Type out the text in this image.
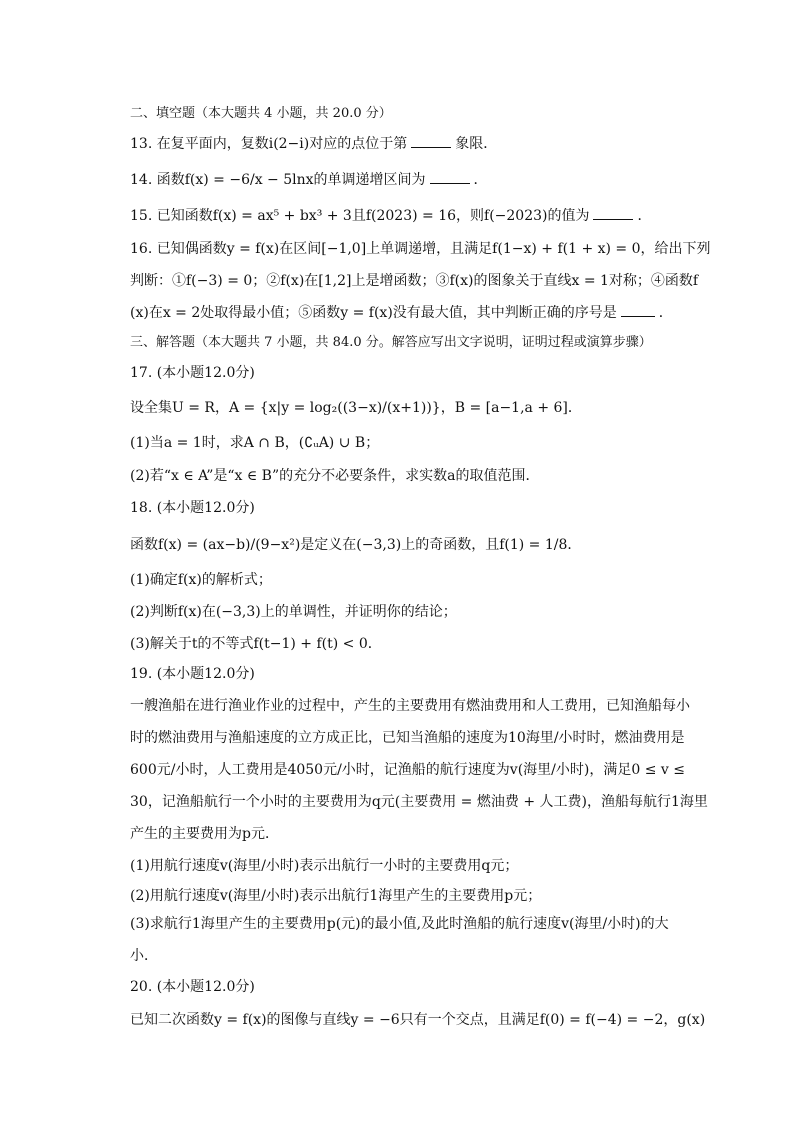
二、填空题（本大题共 4 小题，共 20.0 分）
13. 在复平面内，复数i(2−i)对应的点位于第	象限．
14. 函数f(x) = −6/x − 5lnx的单调递增区间为	．
15. 已知函数f(x) = ax⁵ + bx³ + 3且f(2023) = 16，则f(−2023)的值为	．
16. 已知偶函数y = f(x)在区间[−1,0]上单调递增，且满足f(1−x) + f(1 + x) = 0，给出下列
判断：①f(−3) = 0；②f(x)在[1,2]上是增函数；③f(x)的图象关于直线x = 1对称；④函数f
(x)在x = 2处取得最小值；⑤函数y = f(x)没有最大值，其中判断正确的序号是	．
三、解答题（本大题共 7 小题，共 84.0 分。解答应写出文字说明，证明过程或演算步骤）
17. (本小题12.0分)
设全集U = R，A = {x|y = log₂((3−x)/(x+1))}，B = [a−1,a + 6]．
(1)当a = 1时，求A ∩ B，(∁ᵤA) ∪ B；
(2)若“x ∈ A”是“x ∈ B”的充分不必要条件，求实数a的取值范围．
18. (本小题12.0分)
函数f(x) = (ax−b)/(9−x²)是定义在(−3,3)上的奇函数，且f(1) = 1/8．
(1)确定f(x)的解析式；
(2)判断f(x)在(−3,3)上的单调性，并证明你的结论；
(3)解关于t的不等式f(t−1) + f(t) < 0．
19. (本小题12.0分)
一艘渔船在进行渔业作业的过程中，产生的主要费用有燃油费用和人工费用，已知渔船每小
时的燃油费用与渔船速度的立方成正比，已知当渔船的速度为10海里/小时时，燃油费用是
600元/小时，人工费用是4050元/小时，记渔船的航行速度为v(海里/小时)，满足0 ≤ v ≤
30，记渔船航行一个小时的主要费用为q元(主要费用 = 燃油费 + 人工费)，渔船每航行1海里
产生的主要费用为p元．
(1)用航行速度v(海里/小时)表示出航行一小时的主要费用q元；
(2)用航行速度v(海里/小时)表示出航行1海里产生的主要费用p元；
(3)求航行1海里产生的主要费用p(元)的最小值,及此时渔船的航行速度v(海里/小时)的大
小．
20. (本小题12.0分)
已知二次函数y = f(x)的图像与直线y = −6只有一个交点，且满足f(0) = f(−4) = −2，g(x)
